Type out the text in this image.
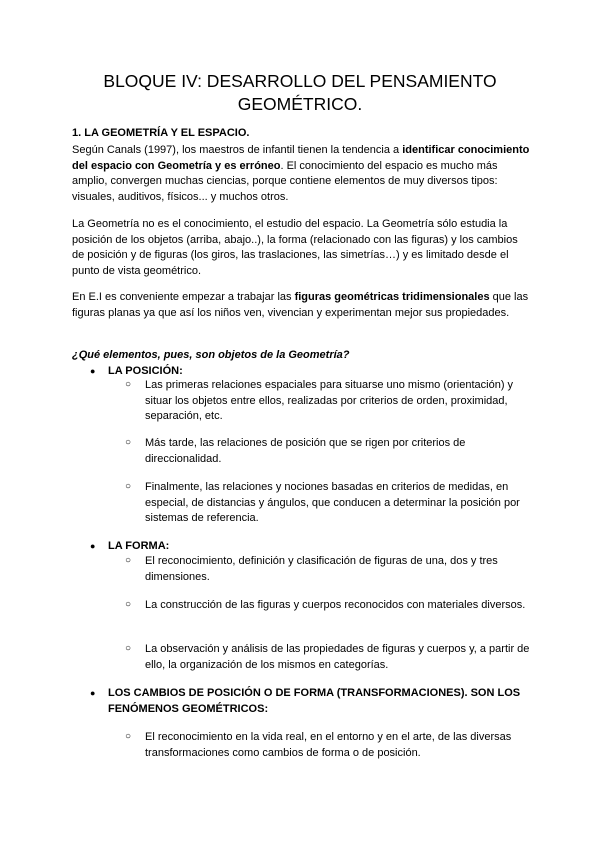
BLOQUE IV: DESARROLLO DEL PENSAMIENTO
GEOMÉTRICO.

1. LA GEOMETRÍA Y EL ESPACIO.

Según Canals (1997), los maestros de infantil tienen la tendencia a identificar conocimiento del espacio con Geometría y es erróneo. El conocimiento del espacio es mucho más amplio, convergen muchas ciencias, porque contiene elementos de muy diversos tipos: visuales, auditivos, físicos... y muchos otros.

La Geometría no es el conocimiento, el estudio del espacio. La Geometría sólo estudia la posición de los objetos (arriba, abajo..), la forma (relacionado con las figuras) y los cambios de posición y de figuras (los giros, las traslaciones, las simetrías…) y es limitado desde el punto de vista geométrico.

En E.I es conveniente empezar a trabajar las figuras geométricas tridimensionales que las figuras planas ya que así los niños ven, vivencian y experimentan mejor sus propiedades.

¿Qué elementos, pues, son objetos de la Geometría?

● LA POSICIÓN:
○ Las primeras relaciones espaciales para situarse uno mismo (orientación) y situar los objetos entre ellos, realizadas por criterios de orden, proximidad, separación, etc.
○ Más tarde, las relaciones de posición que se rigen por criterios de direccionalidad.
○ Finalmente, las relaciones y nociones basadas en criterios de medidas, en especial, de distancias y ángulos, que conducen a determinar la posición por sistemas de referencia.
● LA FORMA:
○ El reconocimiento, definición y clasificación de figuras de una, dos y tres dimensiones.
○ La construcción de las figuras y cuerpos reconocidos con materiales diversos.
○ La observación y análisis de las propiedades de figuras y cuerpos y, a partir de ello, la organización de los mismos en categorías.
● LOS CAMBIOS DE POSICIÓN O DE FORMA (TRANSFORMACIONES). SON LOS FENÓMENOS GEOMÉTRICOS:
○ El reconocimiento en la vida real, en el entorno y en el arte, de las diversas transformaciones como cambios de forma o de posición.
